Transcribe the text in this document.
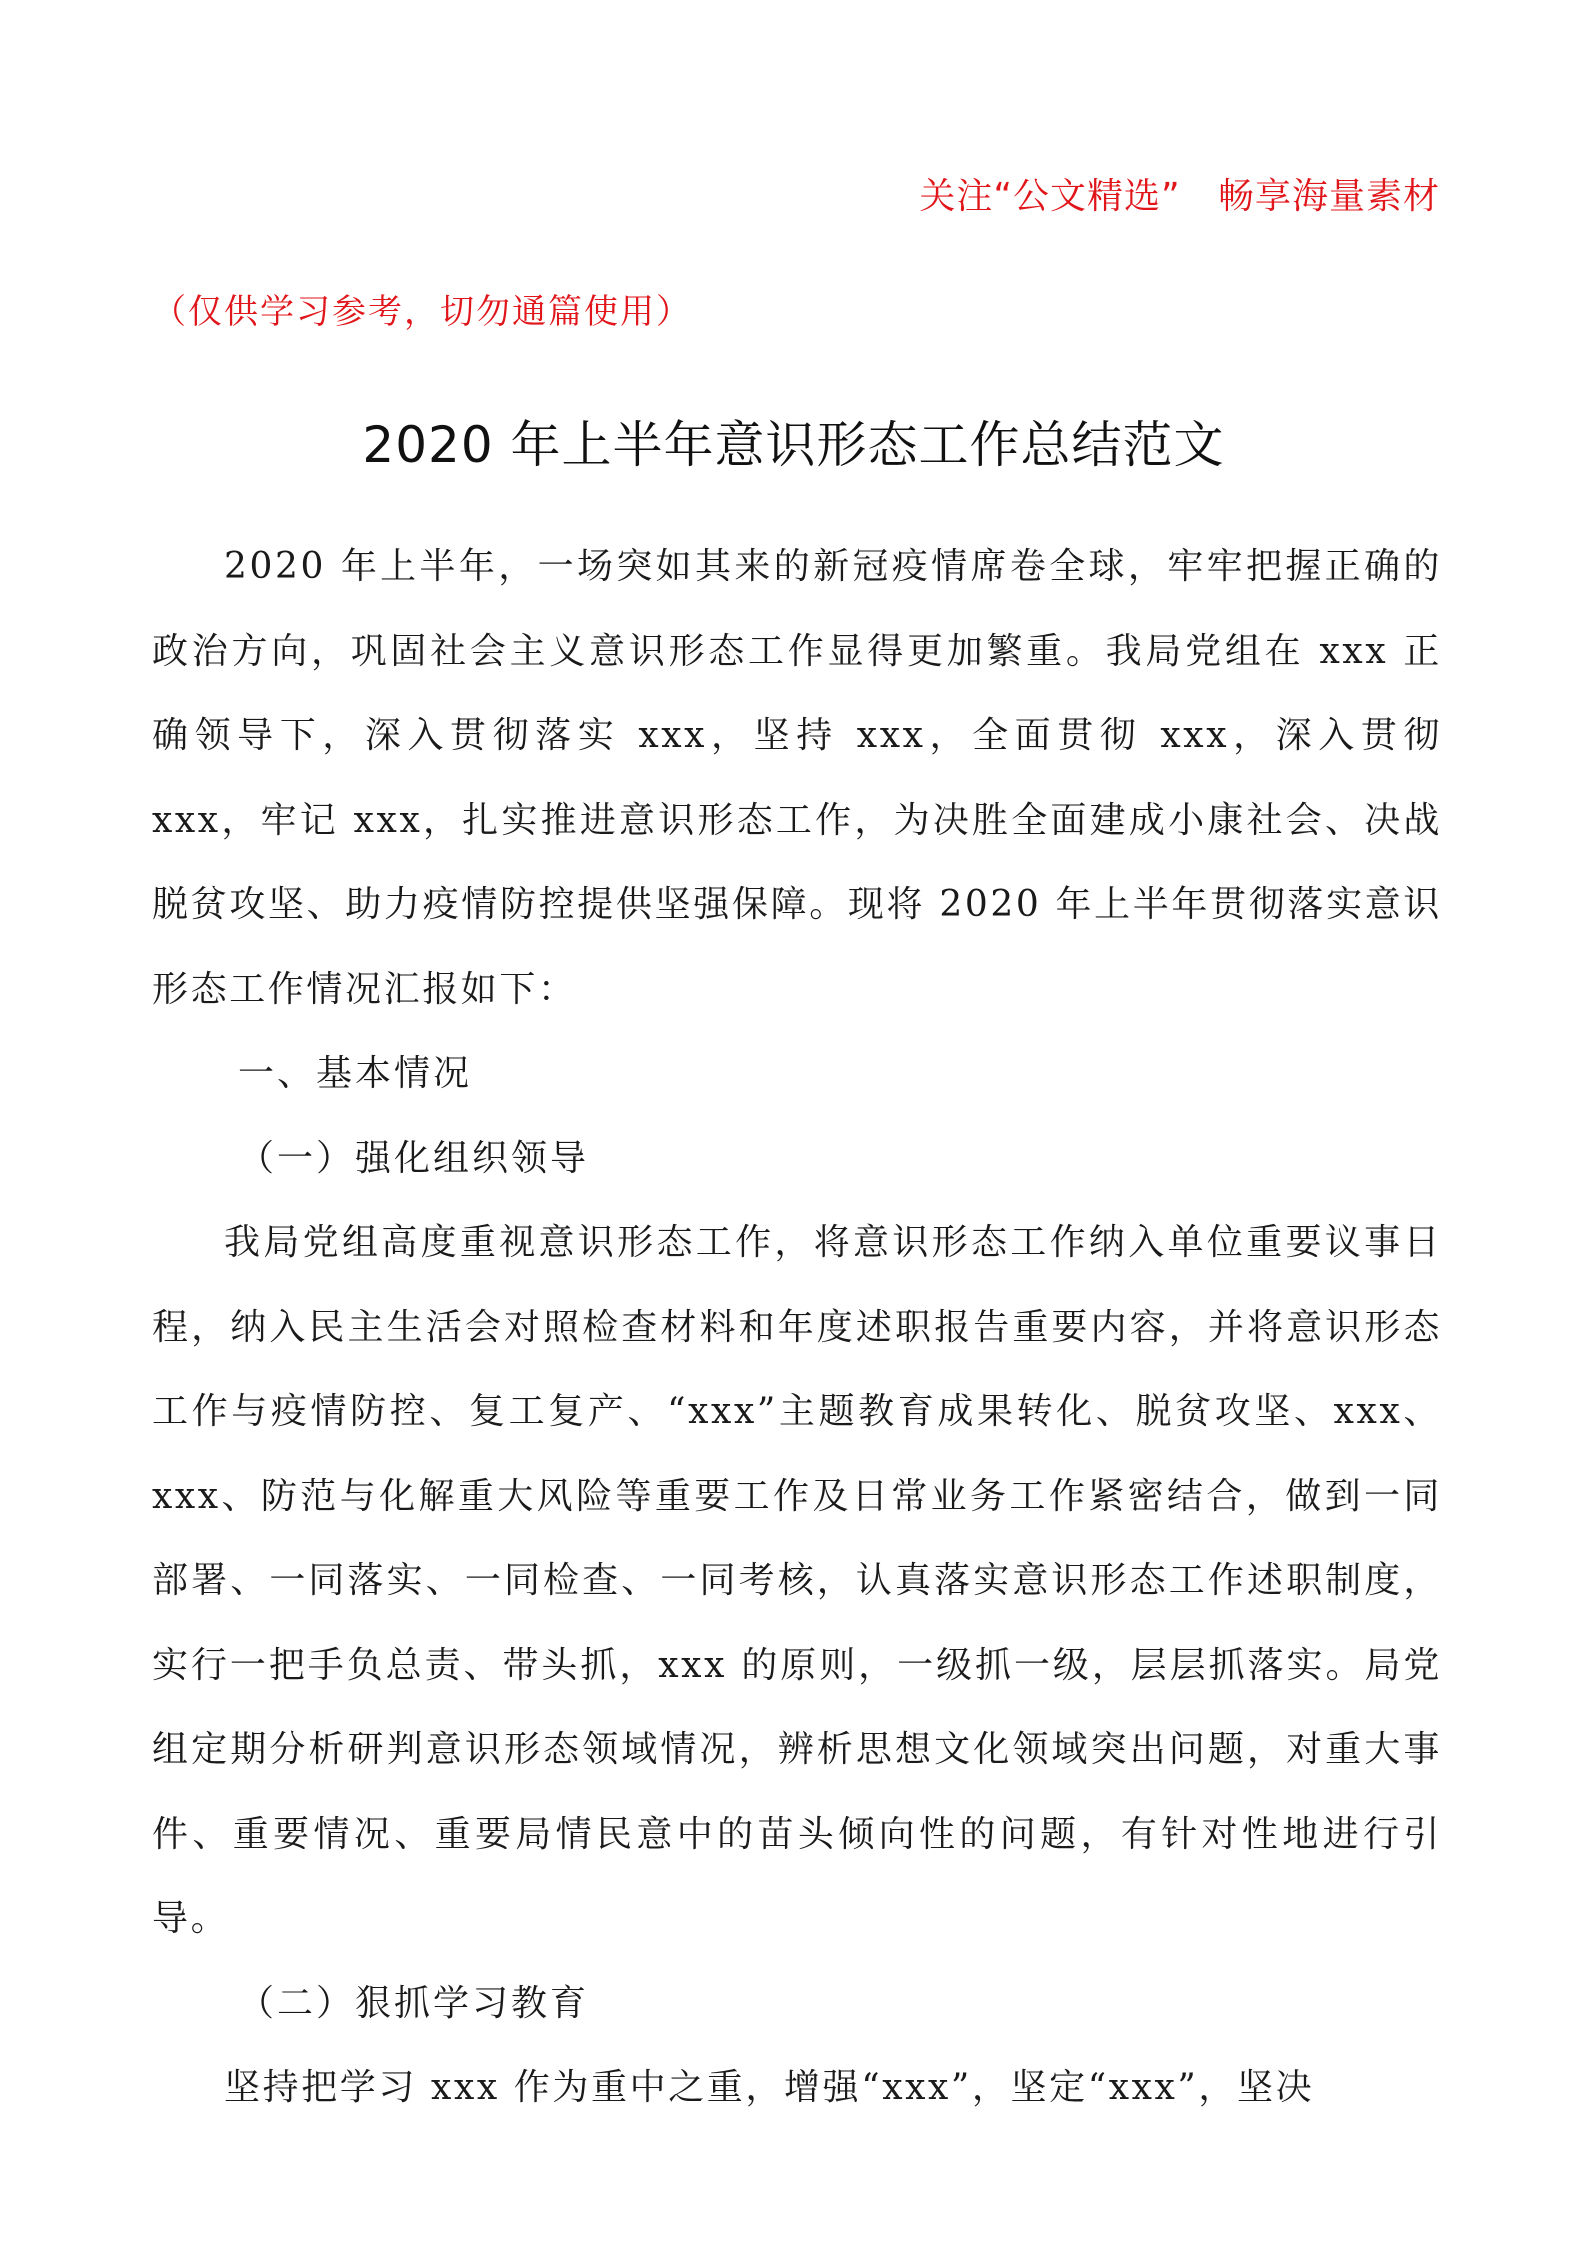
关注“公文精选”   畅享海量素材
（仅供学习参考，切勿通篇使用）
2020 年上半年意识形态工作总结范文

2020 年上半年，一场突如其来的新冠疫情席卷全球，牢牢把握正确的政治方向，巩固社会主义意识形态工作显得更加繁重。我局党组在 xxx 正确领导下，深入贯彻落实 xxx，坚持 xxx，全面贯彻 xxx，深入贯彻 xxx，牢记 xxx，扎实推进意识形态工作，为决胜全面建成小康社会、决战脱贫攻坚、助力疫情防控提供坚强保障。现将 2020 年上半年贯彻落实意识形态工作情况汇报如下：

一、基本情况

（一）强化组织领导

我局党组高度重视意识形态工作，将意识形态工作纳入单位重要议事日程，纳入民主生活会对照检查材料和年度述职报告重要内容，并将意识形态工作与疫情防控、复工复产、“xxx”主题教育成果转化、脱贫攻坚、xxx、xxx、防范与化解重大风险等重要工作及日常业务工作紧密结合，做到一同部署、一同落实、一同检查、一同考核，认真落实意识形态工作述职制度，实行一把手负总责、带头抓，xxx 的原则，一级抓一级，层层抓落实。局党组定期分析研判意识形态领域情况，辨析思想文化领域突出问题，对重大事件、重要情况、重要局情民意中的苗头倾向性的问题，有针对性地进行引导。

（二）狠抓学习教育

坚持把学习 xxx 作为重中之重，增强“xxx”，坚定“xxx”，坚决
